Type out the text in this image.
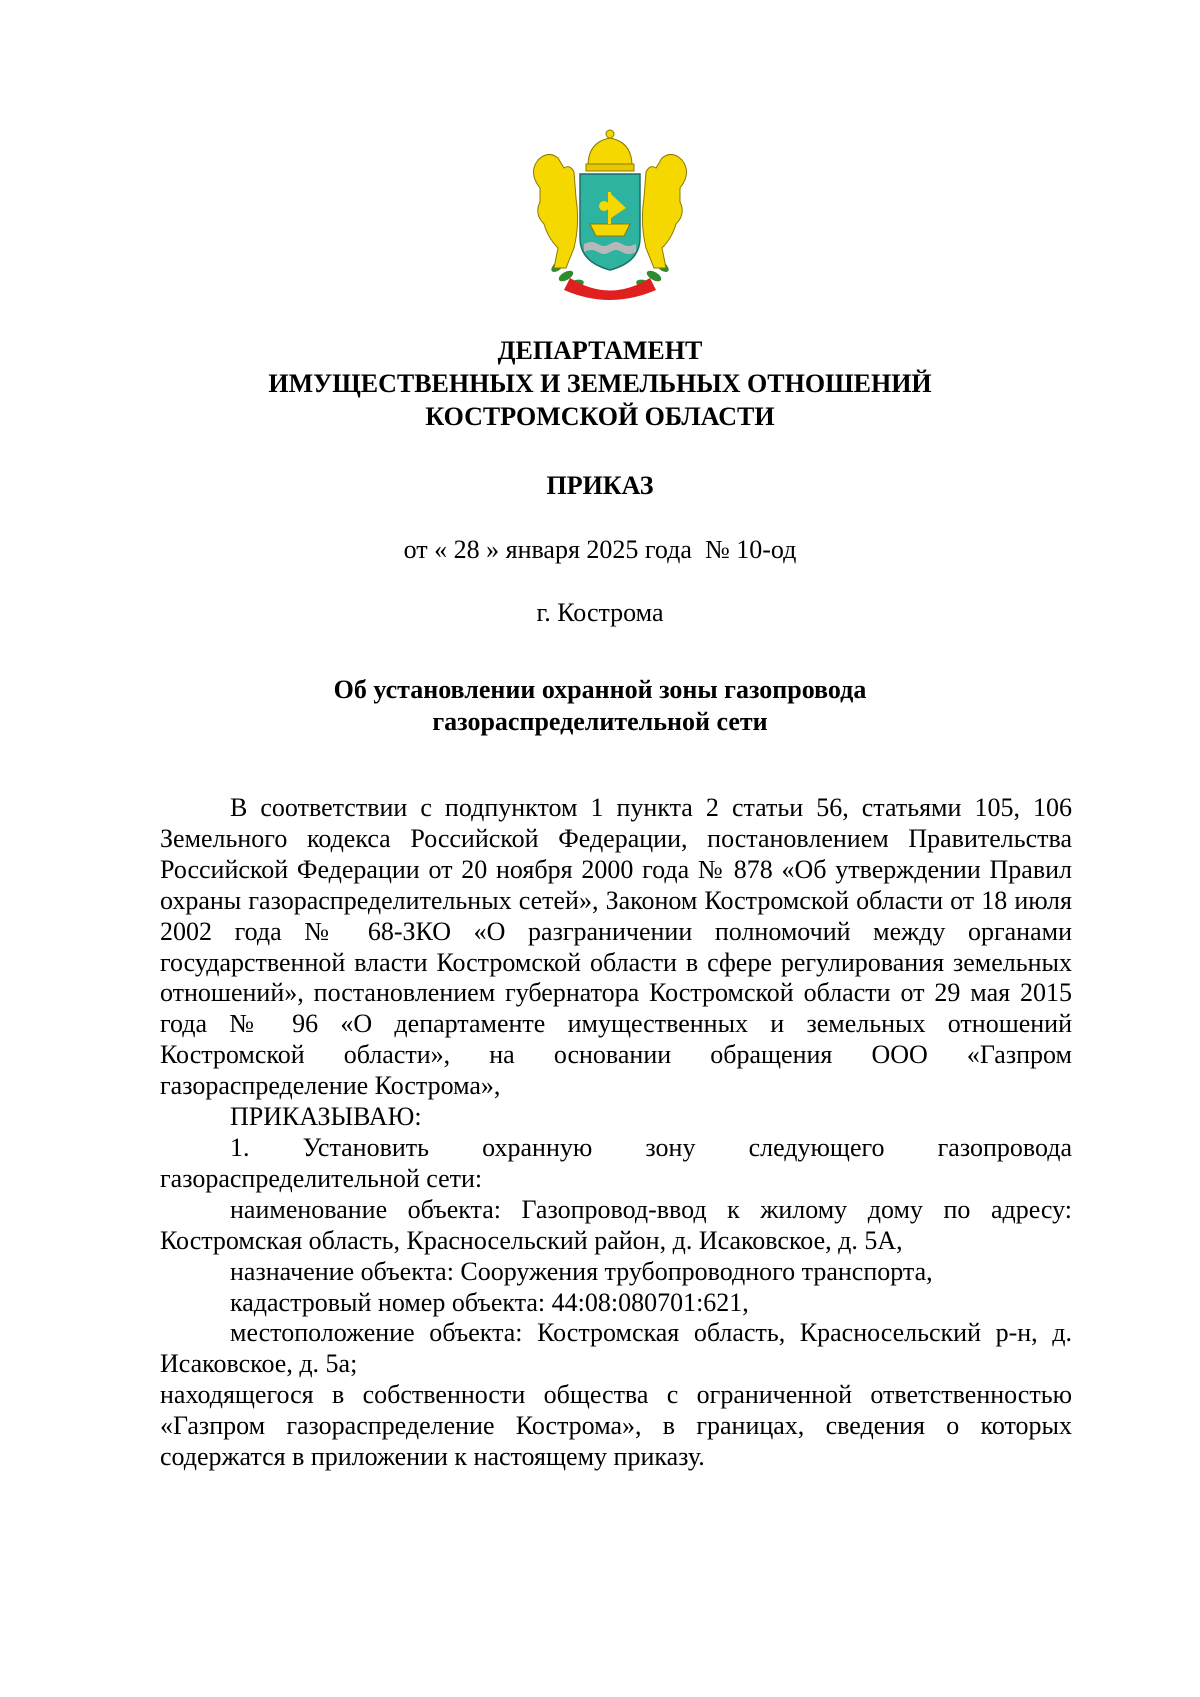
ДЕПАРТАМЕНТ
ИМУЩЕСТВЕННЫХ И ЗЕМЕЛЬНЫХ ОТНОШЕНИЙ
КОСТРОМСКОЙ ОБЛАСТИ
ПРИКАЗ
от « 28 » января 2025 года  № 10-од
г. Кострома
Об установлении охранной зоны газопровода
газораспределительной сети

В соответствии с подпунктом 1 пункта 2 статьи 56, статьями 105, 106 Земельного кодекса Российской Федерации, постановлением Правительства Российской Федерации от 20 ноября 2000 года № 878 «Об утверждении Правил охраны газораспределительных сетей», Законом Костромской области от 18 июля 2002 года № 68-ЗКО «О разграничении полномочий между органами государственной власти Костромской области в сфере регулирования земельных отношений», постановлением губернатора Костромской области от 29 мая 2015 года № 96 «О департаменте имущественных и земельных отношений Костромской области», на основании обращения ООО «Газпром газораспределение Кострома»,

ПРИКАЗЫВАЮ:

1. Установить охранную зону следующего газопровода газораспределительной сети:

наименование объекта: Газопровод-ввод к жилому дому по адресу: Костромская область, Красносельский район, д. Исаковское, д. 5А,

назначение объекта: Сооружения трубопроводного транспорта,

кадастровый номер объекта: 44:08:080701:621,

местоположение объекта: Костромская область, Красносельский р-н, д. Исаковское, д. 5а;

находящегося в собственности общества с ограниченной ответственностью «Газпром газораспределение Кострома», в границах, сведения о которых содержатся в приложении к настоящему приказу.
